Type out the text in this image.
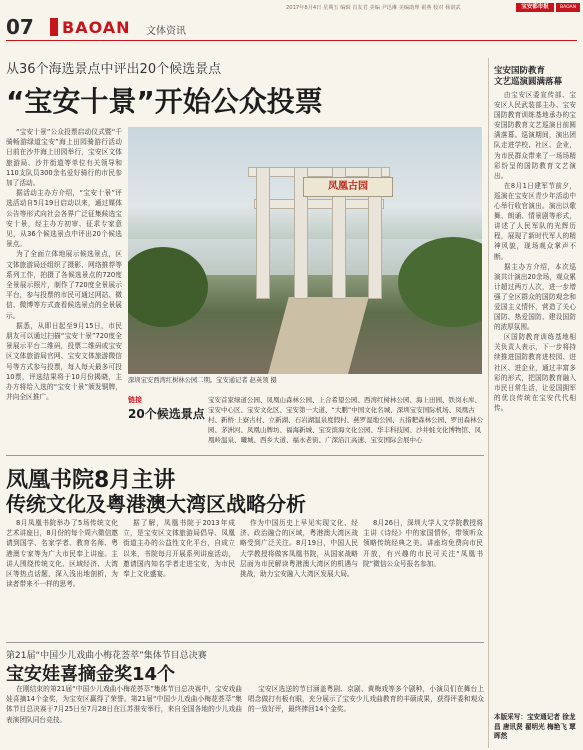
2017年8月4日 星期五 编辑 肖友君 美编 尹迅琳 美编助理 翟燕 校对 杨润武	宝安都市报	BAOAN
07 BAOAN 文体资讯
从36个海选景点中评出20个候选景点
“宝安十景”开始公众投票

“宝安十景”公众投票启动仪式暨“千骑畅游绿道宝安”海上田园骑游行活动日前在沙井海上田园举行，宝安区文体旅游局、沙井街道等单位有关领导和110支队员300余名爱好骑行的市民参加了活动。

据活动主办方介绍，“宝安十景”评选活动自5月19日启动以来，通过媒体公告等形式向社会各界广泛征集候选宝安十景，经主办方初审、征求专家意见，从36个候选景点中评出20个候选景点。

为了全面立体地展示候选景点，区文体旅游局还组织了摄影、网络推荐等系列工作，拍摄了各候选景点的720度全景展示照片，制作了720度全景展示平台，参与投票的市民可通过网站、微信、微博等方式查看候选景点的全景展示。

据悉，从即日起至9月15日，市民朋友可以通过扫描“宝安十景”720度全景展示平台二维码，投票二维码或宝安区文体旅游局官网、宝安文体旅游微信号等方式参与投票，每人每天最多可投10票，评选结果将于10月份揭晓，主办方将给入选的“宝安十景”颁发铜牌，并向全区推广。

凤凰古园
深圳宝安西湾红树林公园二期。宝安通记者 赵英领 摄
链接
20个候选景点
宝安首家绿道公园、凤凰山森林公园、上合希望公园、西湾红树林公园、海上田园、铁岗水库、宝安中心区、宝安文化区、宝安第一大道、“大鹏”中国文化名城、深圳宝安国际机场、凤凰古村、新桥·上寮古村、立新湖、石岩湖温泉度假村、燕罗湿地公园、五指耙森林公园、罗田森林公园、茅洲河、凤凰山牌坊、福海新城、宝安滨海文化公园、华丰科技园、沙井蚝文化博物馆、凤凰岭温泉、曦城、西乡大道、福永老街、广深沿江高速、宝安国际会展中心
凤凰书院8月主讲
传统文化及粤港澳大湾区战略分析

8月凤凰书院举办了5场传统文化艺术讲座日，8月份的每个周六微信邀请到国学、名家学者、教育名师、粤港澳专家等为广大市民奉上讲座。主讲人围绕传统文化、区域经济、大湾区等热点话题，深入浅出地剖析，为读者带来不一样的思考。

据了解，凤凰书院于2013年成立，是宝安区文体旅游局倡导、凤凰街道主办的公益性文化平台，自成立以来，书院每月开展系列讲座活动，邀请国内知名学者走进宝安，为市民奉上文化盛宴。

作为中国历史上早见实现文化、经济、政治融合的区域，粤港澳大湾区战略受到广泛关注。8月19日，中国人民大学教授将做客凤凰书院，从国家战略层面为市民解读粤港澳大湾区的机遇与挑战，助力宝安融入大湾区发展大局。

8月26日，深圳大学人文学院教授将主讲《诗经》中的家国情怀，带领听众领略传统经典之美。讲座均免费向市民开放，有兴趣的市民可关注“凤凰书院”微信公众号报名参加。

第21届“中国少儿戏曲小梅花荟萃”集体节目总决赛
宝安娃喜摘金奖14个

在刚结束的第21届“中国少儿戏曲小梅花荟萃”集体节目总决赛中，宝安戏曲娃喜摘14个金奖，为宝安区赢得了荣誉。第21届“中国少儿戏曲小梅花荟萃”集体节目总决赛于7月25日至7月28日在江苏淮安举行，来自全国各地的少儿戏曲表演团队同台竞技。

宝安区选送的节目涵盖粤剧、京剧、黄梅戏等多个剧种，小演员们在舞台上唱念做打有板有眼，充分展示了宝安少儿戏曲教育的丰硕成果，获得评委和观众的一致好评，最终捧回14个金奖。

宝安国防教育
文艺巡演圆满落幕

由宝安区委宣传部、宝安区人民武装部主办、宝安国防教育训练基地承办的宝安国防教育文艺巡演日前圆满落幕。巡演期间，演出团队走进学校、社区、企业，为市民群众带来了一场场精彩纷呈的国防教育文艺演出。

在8月1日建军节前夕，巡演在宝安区青少年活动中心举行收官演出。演出以歌舞、朗诵、情景剧等形式，讲述了人民军队的光辉历程，展现了新时代军人的精神风貌，现场观众掌声不断。

据主办方介绍，本次巡演共计演出20余场，观众累计超过两万人次，进一步增强了全区群众的国防观念和爱国主义情怀，营造了关心国防、热爱国防、建设国防的浓厚氛围。

区国防教育训练基地相关负责人表示，下一步将持续推进国防教育进校园、进社区、进企业，通过丰富多彩的形式，把国防教育融入市民日常生活，让爱国拥军的优良传统在宝安代代相传。

本版采写：宝安通记者 徐龙昌 唐讯贤 翟明光 梅艳飞 覃晖然
